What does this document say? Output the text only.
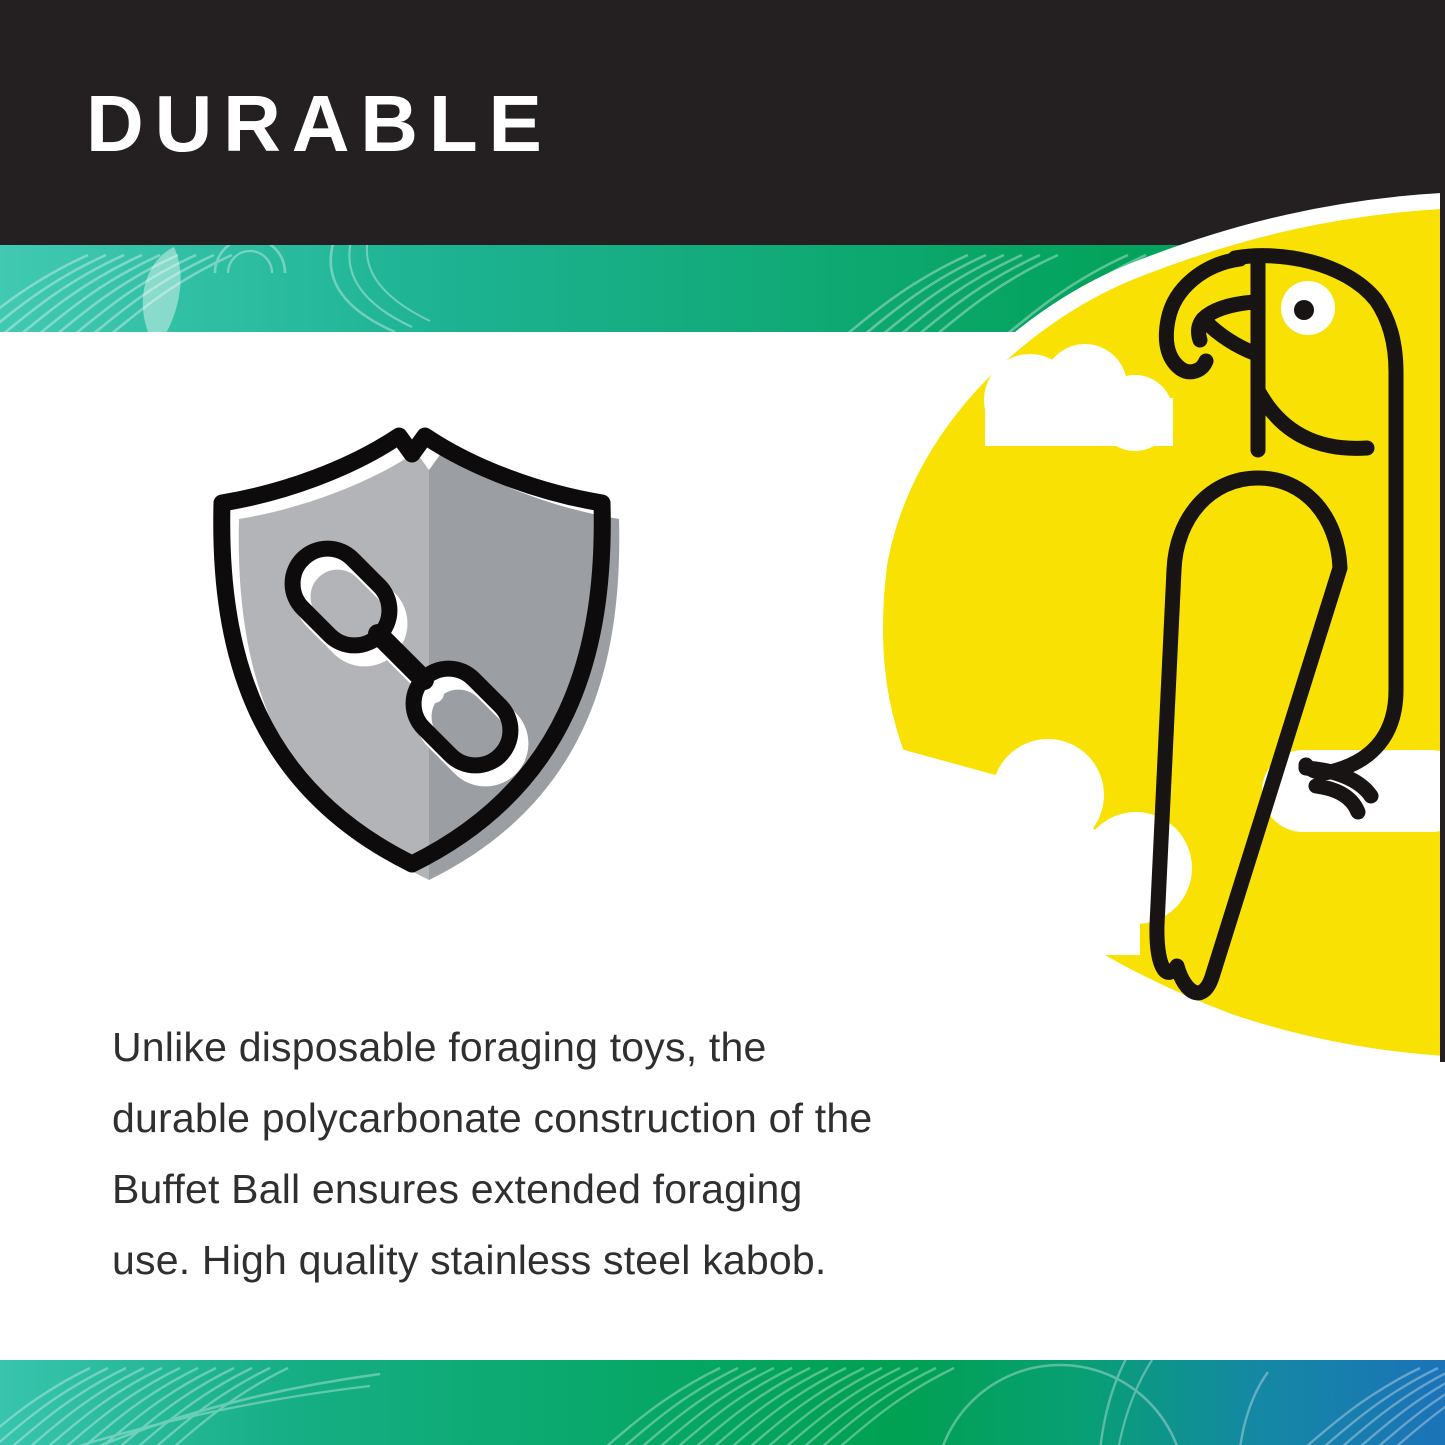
DURABLE
Unlike disposable foraging toys, the
durable polycarbonate construction of the
Buffet Ball ensures extended foraging
use. High quality stainless steel kabob.
